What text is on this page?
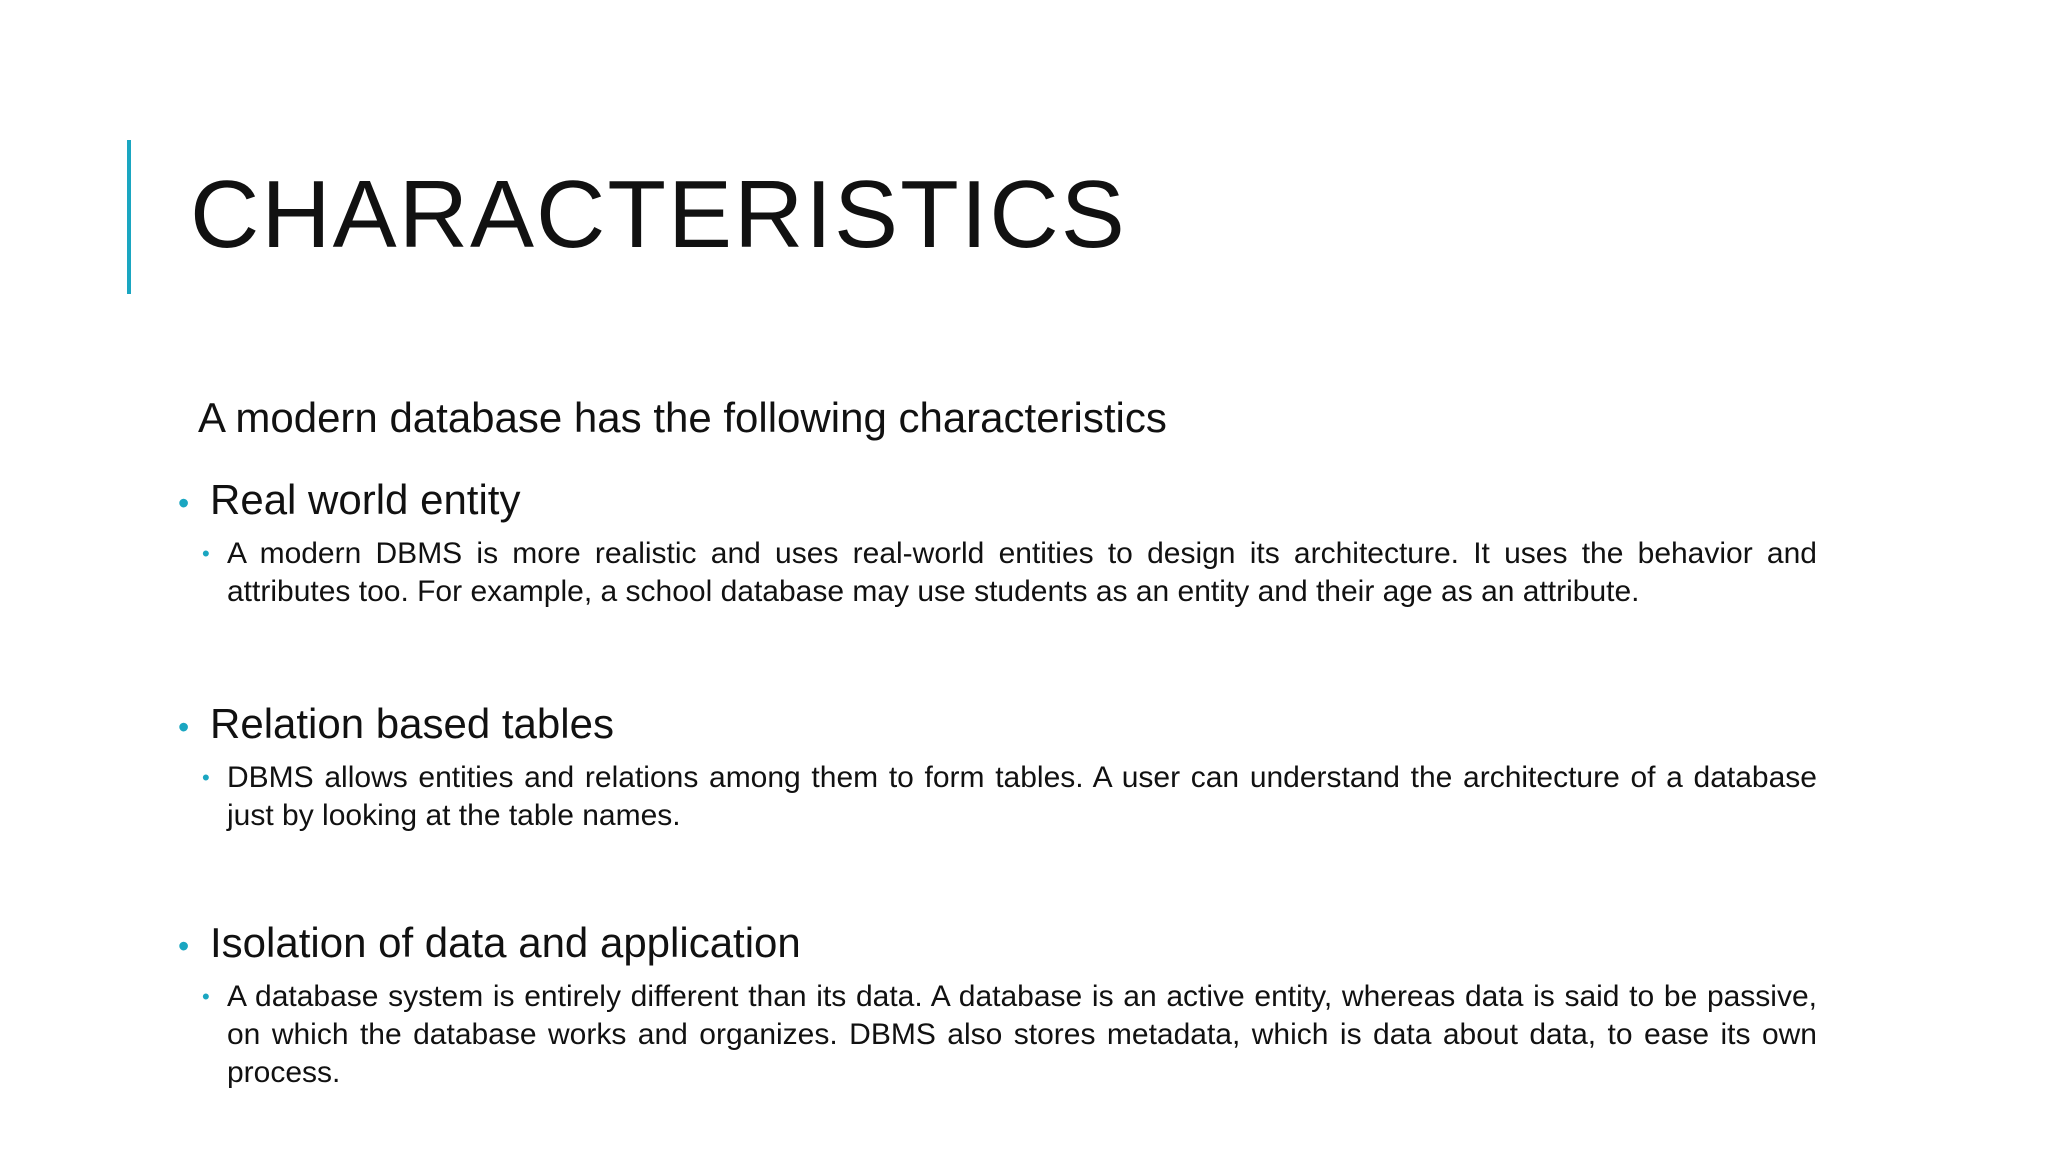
CHARACTERISTICS

A modern database has the following characteristics

• Real world entity
• A modern DBMS is more realistic and uses real-world entities to design its architecture. It uses the behavior and attributes too. For example, a school database may use students as an entity and their age as an attribute.
• Relation based tables
• DBMS allows entities and relations among them to form tables. A user can understand the architecture of a database just by looking at the table names.
• Isolation of data and application
• A database system is entirely different than its data. A database is an active entity, whereas data is said to be passive, on which the database works and organizes. DBMS also stores metadata, which is data about data, to ease its own process.
